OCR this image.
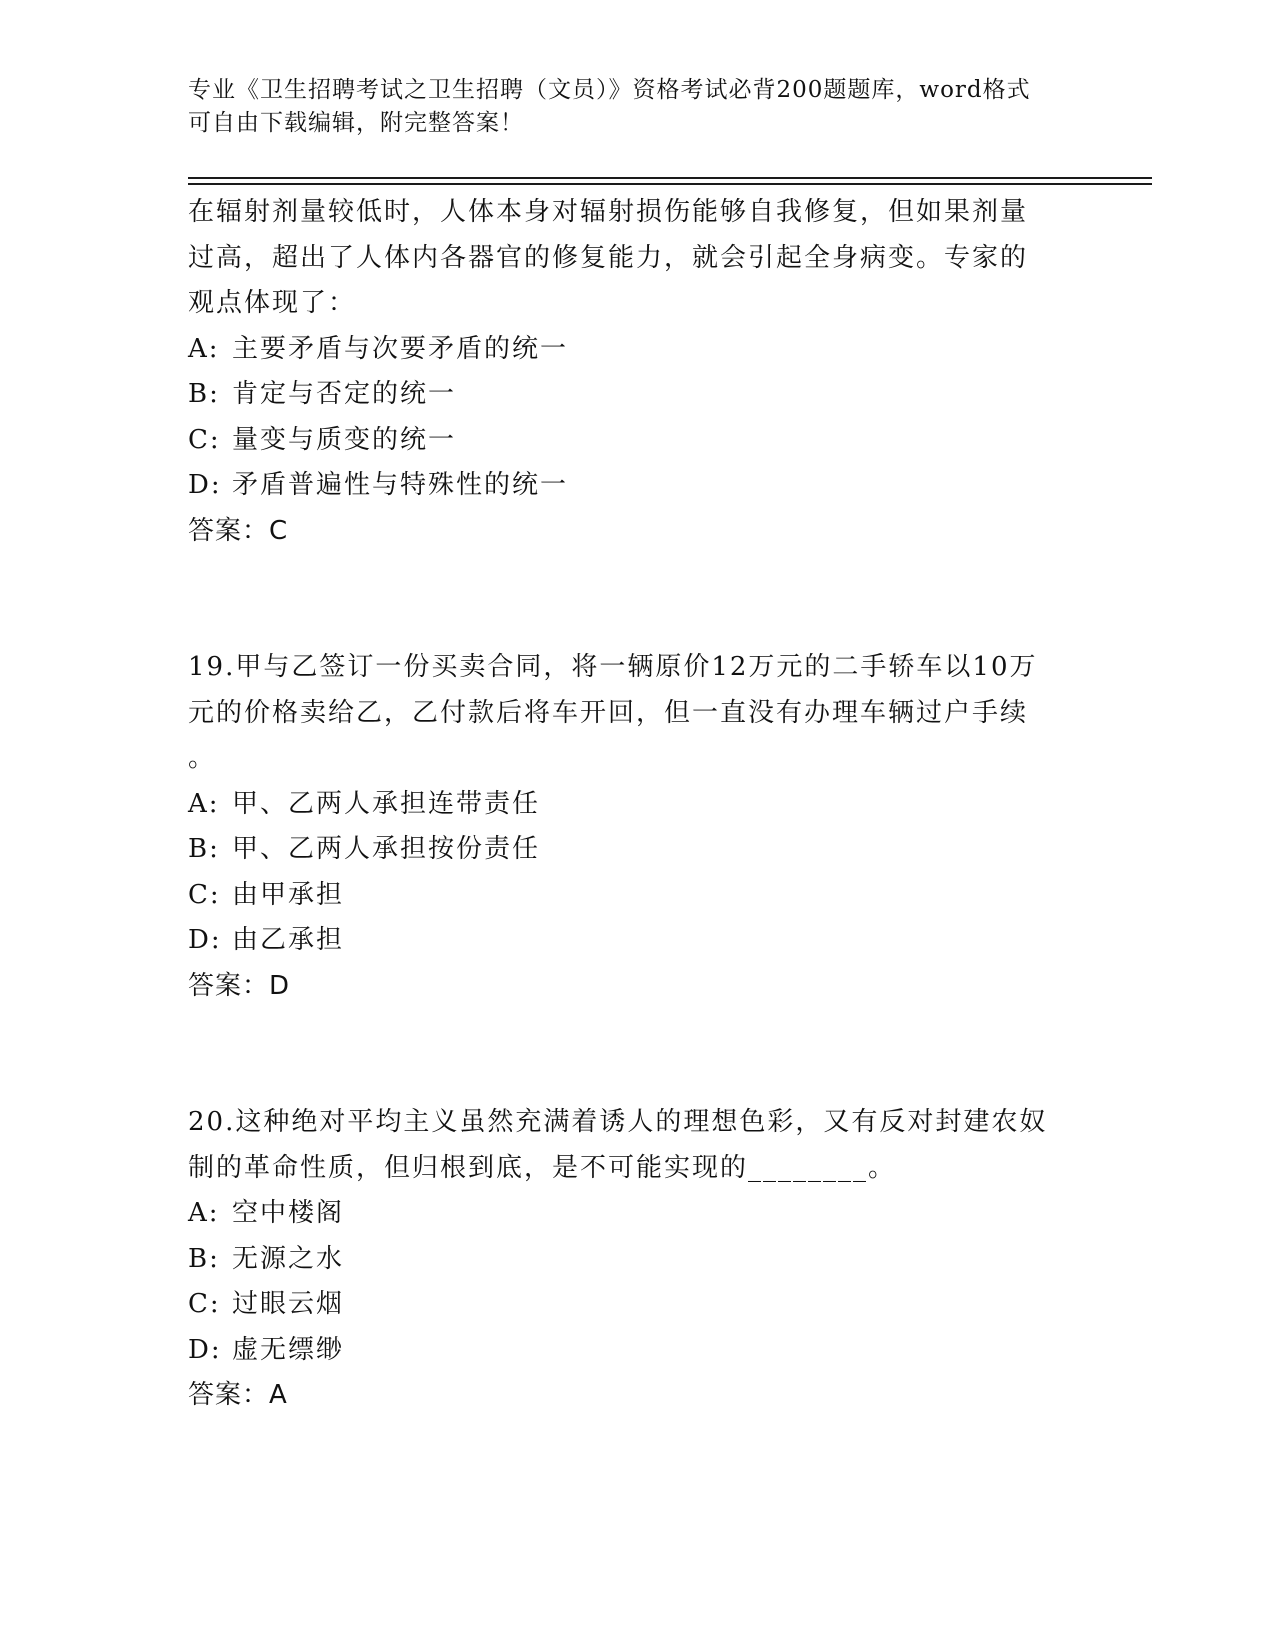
专业《卫生招聘考试之卫生招聘（文员）》资格考试必背200题题库，word格式
可自由下载编辑，附完整答案！

在辐射剂量较低时，人体本身对辐射损伤能够自我修复，但如果剂量

过高，超出了人体内各器官的修复能力，就会引起全身病变。专家的

观点体现了：

A: 主要矛盾与次要矛盾的统一
B: 肯定与否定的统一
C: 量变与质变的统一
D: 矛盾普遍性与特殊性的统一

答案：C

19.甲与乙签订一份买卖合同，将一辆原价12万元的二手轿车以10万

元的价格卖给乙，乙付款后将车开回，但一直没有办理车辆过户手续

。

A: 甲、乙两人承担连带责任
B: 甲、乙两人承担按份责任
C: 由甲承担
D: 由乙承担

答案：D

20.这种绝对平均主义虽然充满着诱人的理想色彩，又有反对封建农奴

制的革命性质，但归根到底，是不可能实现的________。

A: 空中楼阁
B: 无源之水
C: 过眼云烟
D: 虚无缥缈

答案：A
